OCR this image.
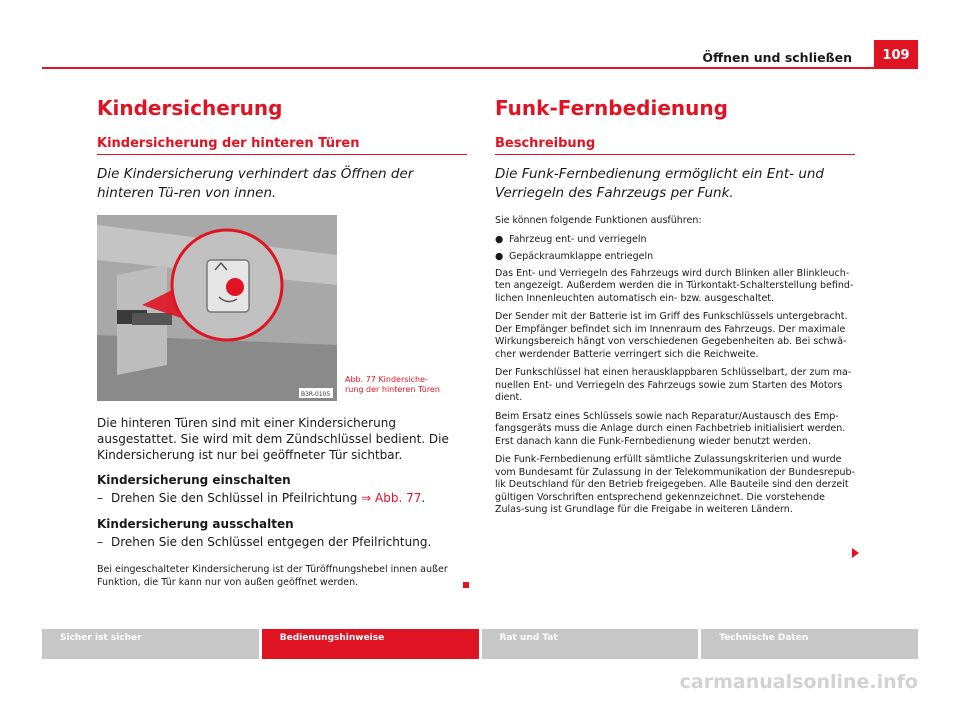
109
Öffnen und schließen
Kindersicherung
Kindersicherung der hinteren Türen
Die Kindersicherung verhindert das Öffnen der hinteren Tü-ren von innen.
B3R-0105
Abb. 77 Kindersiche-
rung der hinteren Türen

Die hinteren Türen sind mit einer Kindersicherung ausgestattet. Sie wird mit dem Zündschlüssel bedient. Die Kindersicherung ist nur bei geöffneter Tür sichtbar.

Kindersicherung einschalten
– Drehen Sie den Schlüssel in Pfeilrichtung ⇒ Abb. 77.
Kindersicherung ausschalten
– Drehen Sie den Schlüssel entgegen der Pfeilrichtung.
Bei eingeschalteter Kindersicherung ist der Türöffnungshebel innen außer Funktion, die Tür kann nur von außen geöffnet werden.
Funk-Fernbedienung
Beschreibung
Die Funk-Fernbedienung ermöglicht ein Ent- und Verriegeln des Fahrzeugs per Funk.

Sie können folgende Funktionen ausführen:

● Fahrzeug ent- und verriegeln
● Gepäckraumklappe entriegeln

Das Ent- und Verriegeln des Fahrzeugs wird durch Blinken aller Blinkleuch-ten angezeigt. Außerdem werden die in Türkontakt-Schalterstellung befind-lichen Innenleuchten automatisch ein- bzw. ausgeschaltet.

Der Sender mit der Batterie ist im Griff des Funkschlüssels untergebracht. Der Empfänger befindet sich im Innenraum des Fahrzeugs. Der maximale Wirkungsbereich hängt von verschiedenen Gegebenheiten ab. Bei schwä-cher werdender Batterie verringert sich die Reichweite.

Der Funkschlüssel hat einen herausklappbaren Schlüsselbart, der zum ma-nuellen Ent- und Verriegeln des Fahrzeugs sowie zum Starten des Motors dient.

Beim Ersatz eines Schlüssels sowie nach Reparatur/Austausch des Emp-fangsgeräts muss die Anlage durch einen Fachbetrieb initialisiert werden. Erst danach kann die Funk-Fernbedienung wieder benutzt werden.

Die Funk-Fernbedienung erfüllt sämtliche Zulassungskriterien und wurde vom Bundesamt für Zulassung in der Telekommunikation der Bundesrepub-lik Deutschland für den Betrieb freigegeben. Alle Bauteile sind den derzeit gültigen Vorschriften entsprechend gekennzeichnet. Die vorstehende Zulas-sung ist Grundlage für die Freigabe in weiteren Ländern.

Sicher ist sicher	Bedienungshinweise	Rat und Tat	Technische Daten
carmanualsonline.info
